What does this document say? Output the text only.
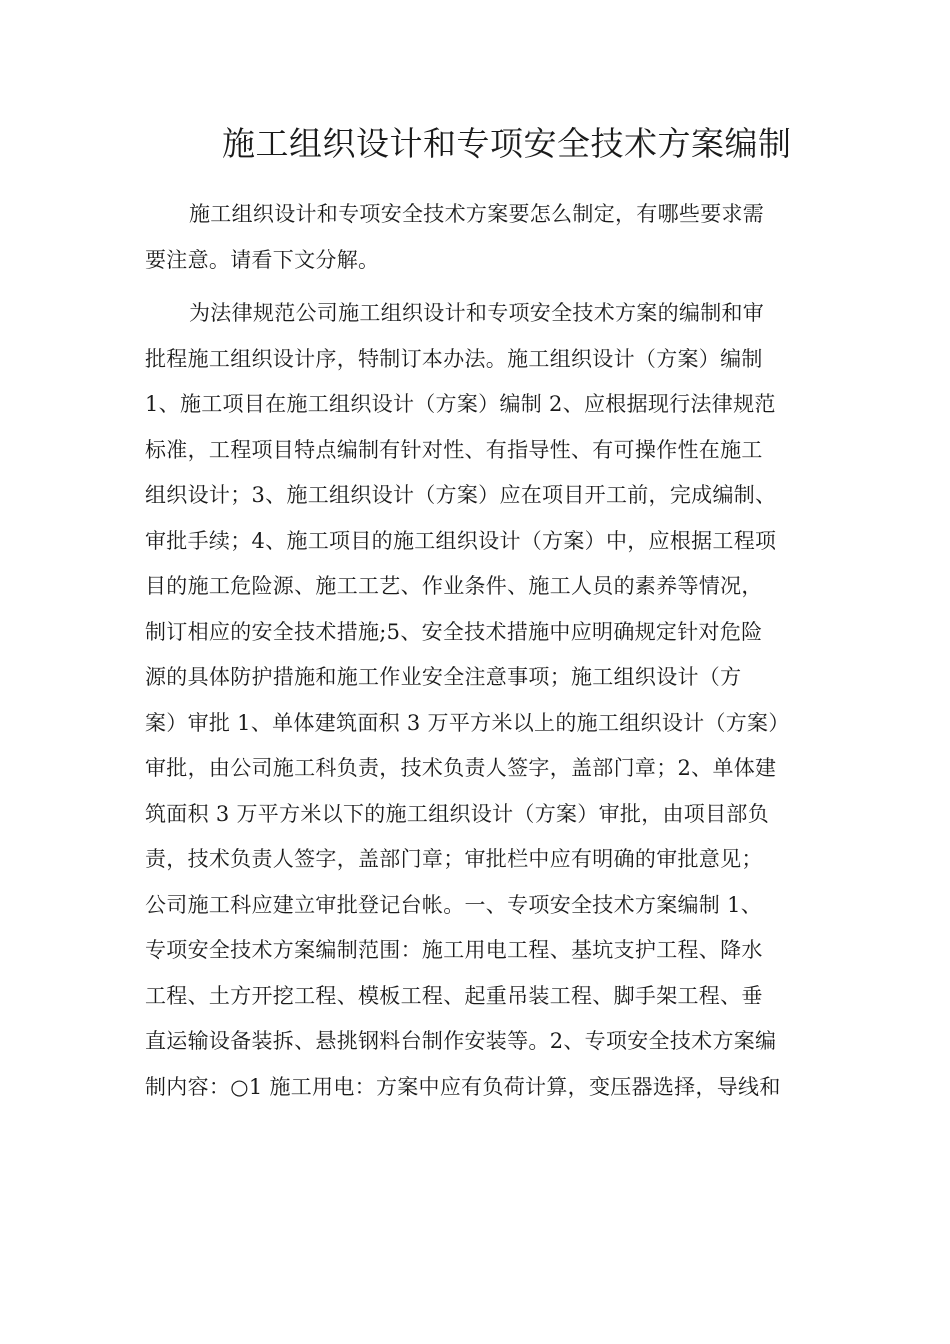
施工组织设计和专项安全技术方案编制
施工组织设计和专项安全技术方案要怎么制定，有哪些要求需
要注意。请看下文分解。
为法律规范公司施工组织设计和专项安全技术方案的编制和审
批程施工组织设计序，特制订本办法。施工组织设计（方案）编制
1、施工项目在施工组织设计（方案）编制 2、应根据现行法律规范
标准，工程项目特点编制有针对性、有指导性、有可操作性在施工
组织设计；3、施工组织设计（方案）应在项目开工前，完成编制、
审批手续；4、施工项目的施工组织设计（方案）中，应根据工程项
目的施工危险源、施工工艺、作业条件、施工人员的素养等情况，
制订相应的安全技术措施;5、安全技术措施中应明确规定针对危险
源的具体防护措施和施工作业安全注意事项；施工组织设计（方
案）审批 1、单体建筑面积 3 万平方米以上的施工组织设计（方案）
审批，由公司施工科负责，技术负责人签字，盖部门章；2、单体建
筑面积 3 万平方米以下的施工组织设计（方案）审批，由项目部负
责，技术负责人签字，盖部门章；审批栏中应有明确的审批意见；
公司施工科应建立审批登记台帐。一、专项安全技术方案编制 1、
专项安全技术方案编制范围：施工用电工程、基坑支护工程、降水
工程、土方开挖工程、模板工程、起重吊装工程、脚手架工程、垂
直运输设备装拆、悬挑钢料台制作安装等。2、专项安全技术方案编
制内容：○1 施工用电：方案中应有负荷计算，变压器选择，导线和
